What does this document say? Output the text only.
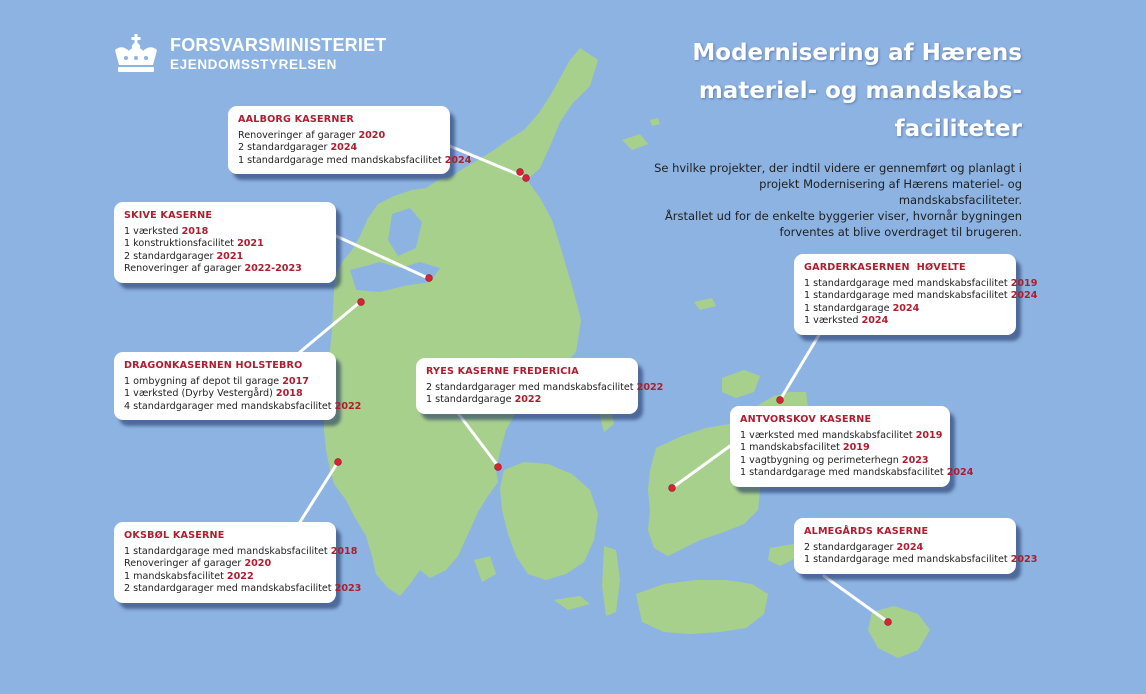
FORSVARSMINISTERIET
EJENDOMSSTYRELSEN	Modernisering af Hærens
materiel- og mandskabs-
faciliteter
Se hvilke projekter, der indtil videre er gennemført og planlagt i
projekt Modernisering af Hærens materiel- og mandskabsfaciliteter.
Årstallet ud for de enkelte byggerier viser, hvornår bygningen
forventes at blive overdraget til brugeren.
AALBORG KASERNER
Renoveringer af garager 2020
2 standardgarager 2024
1 standardgarage med mandskabsfacilitet 2024
SKIVE KASERNE
1 værksted 2018
1 konstruktionsfacilitet 2021
2 standardgarager 2021
Renoveringer af garager 2022-2023
DRAGONKASERNEN HOLSTEBRO
1 ombygning af depot til garage 2017
1 værksted (Dyrby Vestergård) 2018
4 standardgarager med mandskabsfacilitet 2022
OKSBØL KASERNE
1 standardgarage med mandskabsfacilitet 2018
Renoveringer af garager 2020
1 mandskabsfacilitet 2022
2 standardgarager med mandskabsfacilitet 2023
RYES KASERNE FREDERICIA
2 standardgarager med mandskabsfacilitet 2022
1 standardgarage 2022
GARDERKASERNEN  HØVELTE
1 standardgarage med mandskabsfacilitet 2019
1 standardgarage med mandskabsfacilitet 2024
1 standardgarage 2024
1 værksted 2024
ANTVORSKOV KASERNE
1 værksted med mandskabsfacilitet 2019
1 mandskabsfacilitet 2019
1 vagtbygning og perimeterhegn 2023
1 standardgarage med mandskabsfacilitet 2024
ALMEGÅRDS KASERNE
2 standardgarager 2024
1 standardgarage med mandskabsfacilitet 2023
